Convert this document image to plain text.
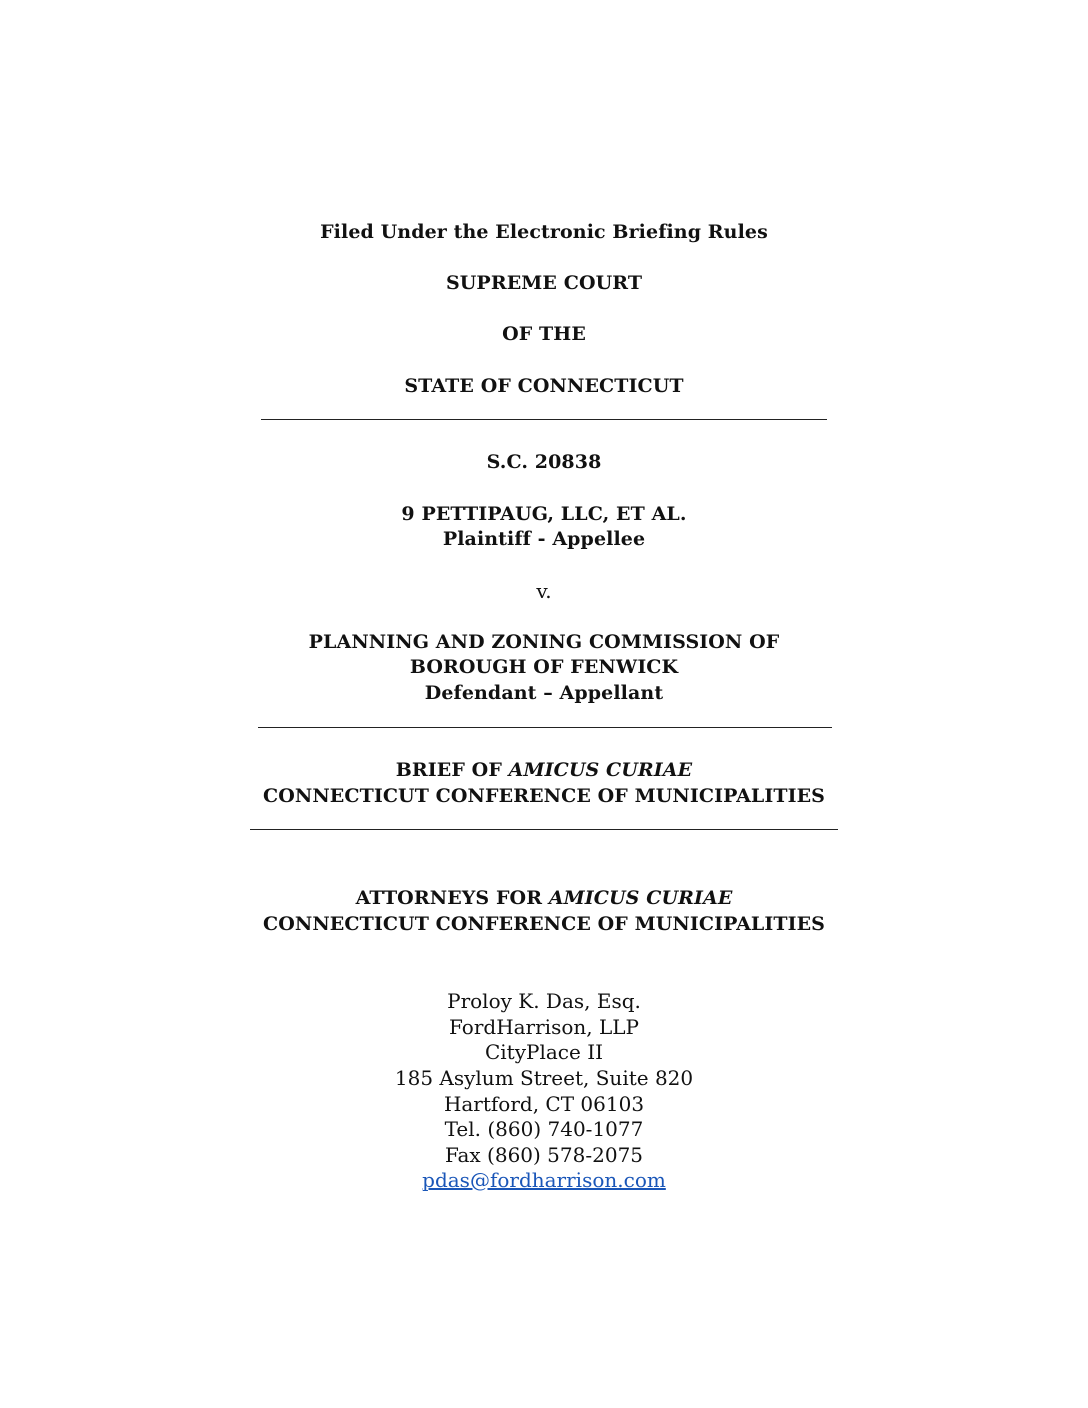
Filed Under the Electronic Briefing Rules
SUPREME COURT
OF THE
STATE OF CONNECTICUT
S.C. 20838
9 PETTIPAUG, LLC, ET AL.
Plaintiff - Appellee
v.
PLANNING AND ZONING COMMISSION OF
BOROUGH OF FENWICK
Defendant – Appellant
BRIEF OF AMICUS CURIAE
CONNECTICUT CONFERENCE OF MUNICIPALITIES
ATTORNEYS FOR AMICUS CURIAE
CONNECTICUT CONFERENCE OF MUNICIPALITIES
Proloy K. Das, Esq.
FordHarrison, LLP
CityPlace II
185 Asylum Street, Suite 820
Hartford, CT 06103
Tel. (860) 740-1077
Fax (860) 578-2075
pdas@fordharrison.com
